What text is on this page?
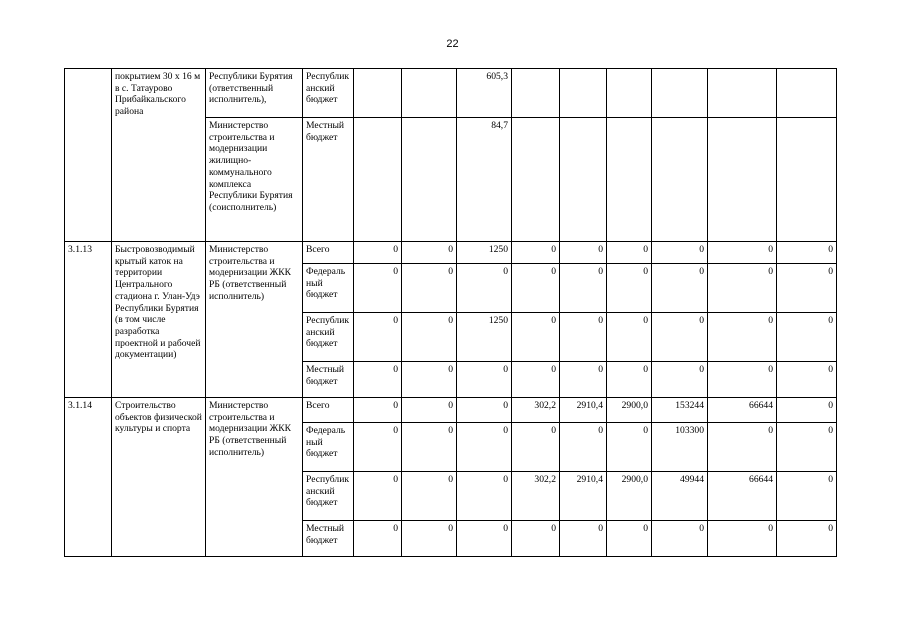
22
	покрытием 30 х 16 м в с. Татаурово Прибайкальского района	Республики Бурятия (ответственный исполнитель),	Республиканский бюджет			605,3						
		Министерство строительства и модернизации жилищно-коммунального комплекса Республики Бурятия (соисполнитель)	Местный бюджет			84,7						
3.1.13	Быстровозводимый крытый каток на территории Центрального стадиона г. Улан-Удэ Республики Бурятия (в том числе разработка проектной и рабочей документации)	Министерство строительства и модернизации ЖКК РБ (ответственный исполнитель)	Всего	0	0	1250	0	0	0	0	0	0
			Федеральный бюджет	0	0	0	0	0	0	0	0	0
			Республиканский бюджет	0	0	1250	0	0	0	0	0	0
			Местный бюджет	0	0	0	0	0	0	0	0	0
3.1.14	Строительство объектов физической культуры и спорта	Министерство строительства и модернизации ЖКК РБ (ответственный исполнитель)	Всего	0	0	0	302,2	2910,4	2900,0	153244	66644	0
			Федеральный бюджет	0	0	0	0	0	0	103300	0	0
			Республиканский бюджет	0	0	0	302,2	2910,4	2900,0	49944	66644	0
			Местный бюджет	0	0	0	0	0	0	0	0	0
